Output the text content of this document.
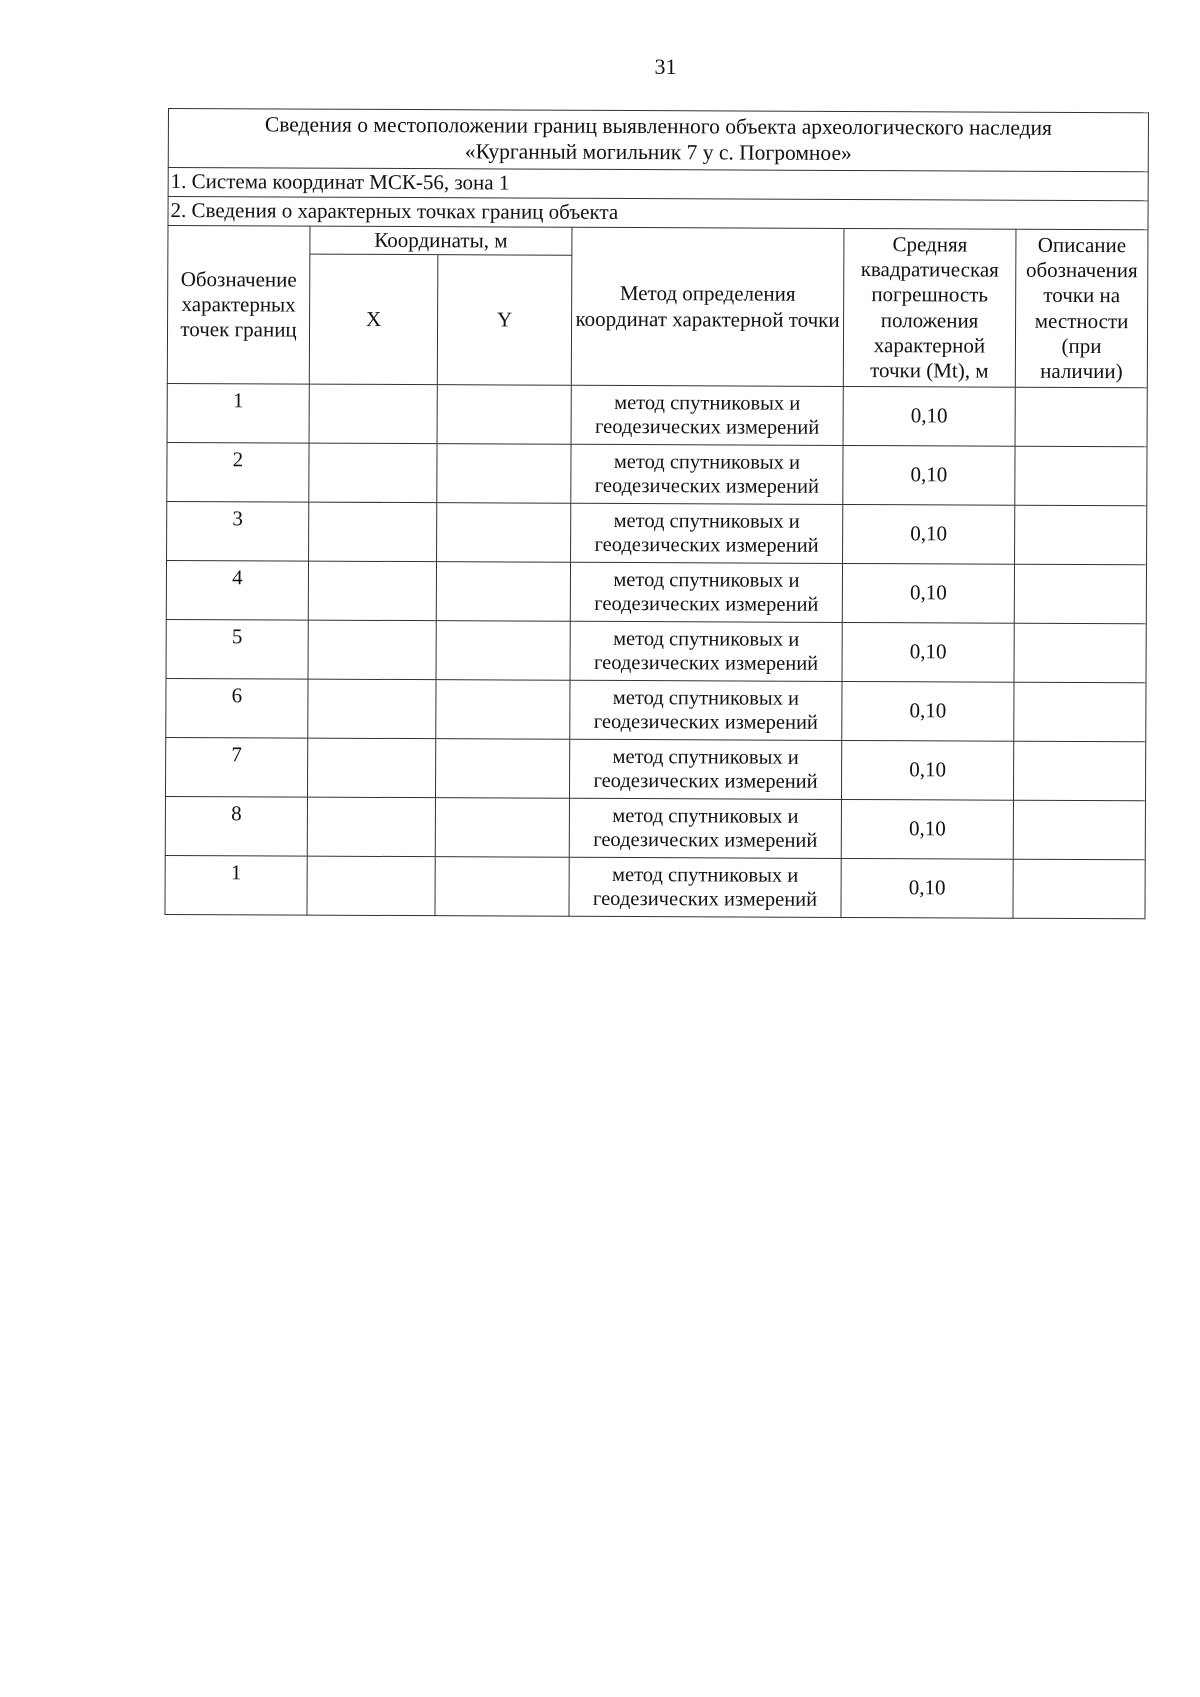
31
Сведения о местоположении границ выявленного объекта археологического наследия
«Курганный могильник 7 у с. Погромное»					

1. Система координат МСК-56, зона 1					
2. Сведения о характерных точках границ объекта					
Обозначение характерных точек границ	Координаты, м		Метод определения координат характерной точки	Средняя квадратическая погрешность положения характерной точки (Mt), м	Описание обозначения точки на местности (при наличии)
	X	Y			
1			метод спутниковых и геодезических измерений	0,10	
2			метод спутниковых и геодезических измерений	0,10	
3			метод спутниковых и геодезических измерений	0,10	
4			метод спутниковых и геодезических измерений	0,10	
5			метод спутниковых и геодезических измерений	0,10	
6			метод спутниковых и геодезических измерений	0,10	
7			метод спутниковых и геодезических измерений	0,10	
8			метод спутниковых и геодезических измерений	0,10	
1			метод спутниковых и геодезических измерений	0,10	
